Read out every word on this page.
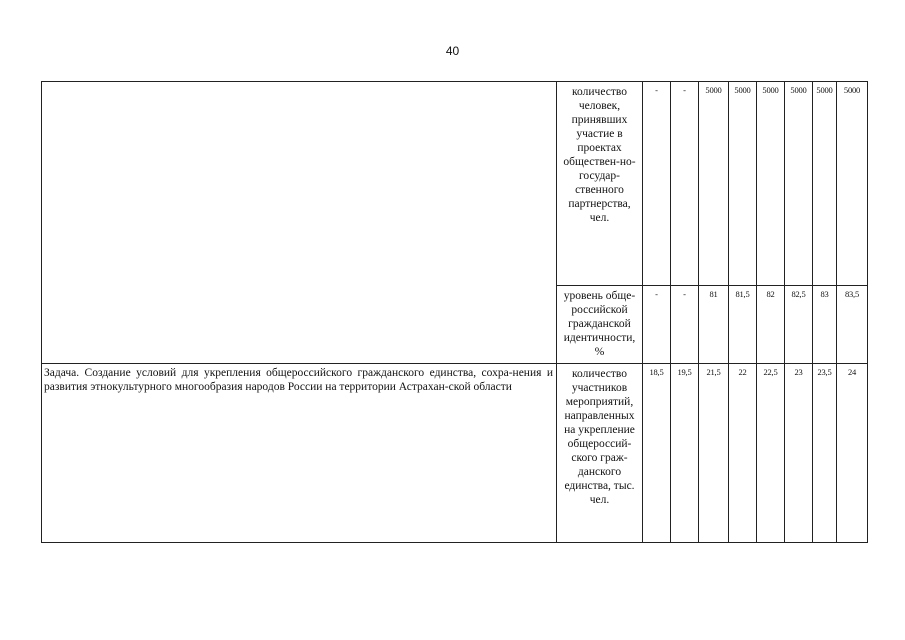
40
	количество человек, принявших участие в проектах обществен-но-государ-ственного партнерства, чел.	-	-	5000	5000	5000	5000	5000	5000
	уровень обще-российской гражданской идентичности, %	-	-	81	81,5	82	82,5	83	83,5
Задача. Создание условий для укрепления общероссийского гражданского единства, сохра-нения и развития этнокультурного многообразия народов России на территории Астрахан-ской области	количество участников мероприятий, направленных на укрепление общероссий-ского граж-данского единства, тыс. чел.	18,5	19,5	21,5	22	22,5	23	23,5	24
